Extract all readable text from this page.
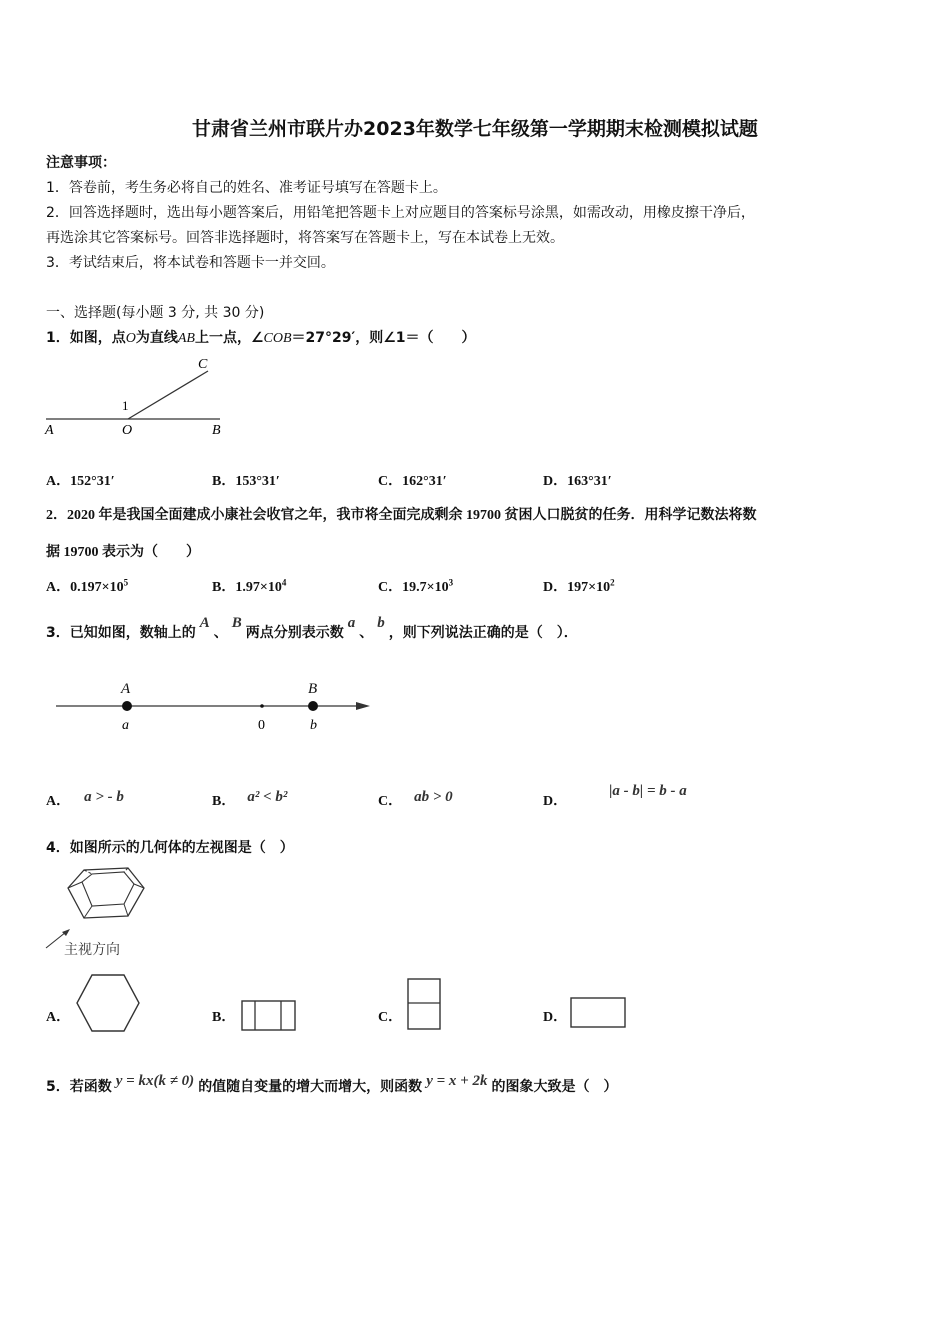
甘肃省兰州市联片办2023年数学七年级第一学期期末检测模拟试题
注意事项：
1．答卷前，考生务必将自己的姓名、准考证号填写在答题卡上。
2．回答选择题时，选出每小题答案后，用铅笔把答题卡上对应题目的答案标号涂黑，如需改动，用橡皮擦干净后，
再选涂其它答案标号。回答非选择题时，将答案写在答题卡上，写在本试卷上无效。
3．考试结束后，将本试卷和答题卡一并交回。
一、选择题(每小题 3 分, 共 30 分)
1．如图，点O为直线AB上一点，∠COB＝27°29′，则∠1＝（　　）
C
1
A	O	B
A．152°31′	B．153°31′	C．162°31′	D．163°31′
2．2020 年是我国全面建成小康社会收官之年，我市将全面完成剩余 19700 贫困人口脱贫的任务．用科学记数法将数
据 19700 表示为（　　）
A．$0.197\times 10^5$	B．$1.97\times 10^4$	C．$19.7\times 10^3$	D．$197\times 10^2$
3．已知如图，数轴上的A、B两点分别表示数a、b，则下列说法正确的是（　）．
A	B
a	0	b
A． a > - b	B． a² < b²	C． ab > 0	D．|a - b| = b - a
4．如图所示的几何体的左视图是（　）
主视方向
A．	B．	C．	D．
5．若函数 y = kx(k ≠ 0) 的值随自变量的增大而增大，则函数 y = x + 2k 的图象大致是（　）
